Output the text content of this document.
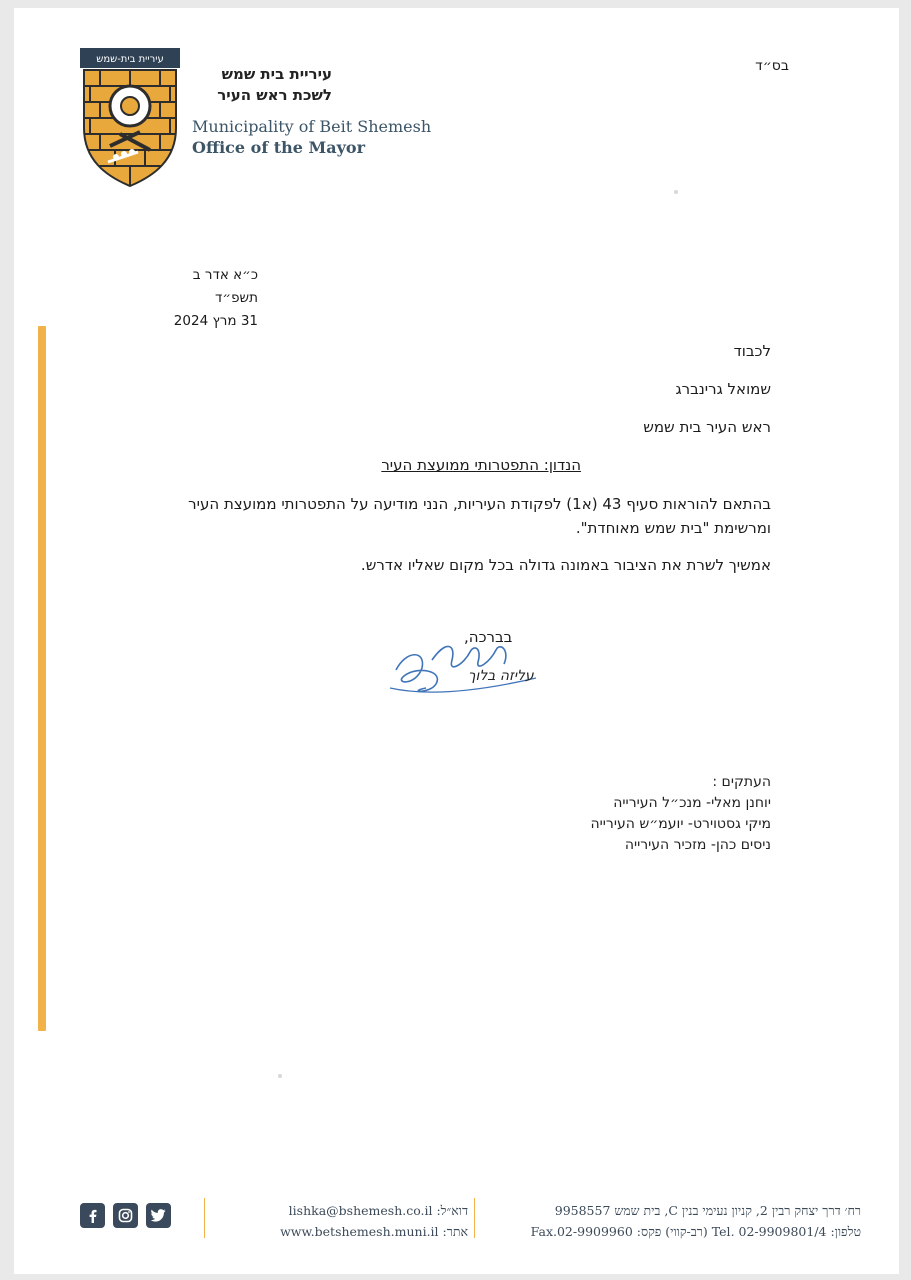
בס״ד
עיריית בית-שמש
עיריית בית שמש
לשכת ראש העיר
Municipality of Beit Shemesh
Office of the Mayor
כ״א אדר ב תשפ״ד
31 מרץ 2024
לכבוד
שמואל גרינברג
ראש העיר בית שמש
הנדון: התפטרותי ממועצת העיר
בהתאם להוראות סעיף 43 (א1) לפקודת העיריות, הנני מודיעה על התפטרותי ממועצת העיר ומרשימת "בית שמש מאוחדת".
אמשיך לשרת את הציבור באמונה גדולה בכל מקום שאליו אדרש.
בברכה,
עליזה בלוך
העתקים :
יוחנן מאלי- מנכ״ל העירייה
מיקי גסטוירט- יועמ״ש העירייה
ניסים כהן- מזכיר העירייה
דוא״ל: lishka@bshemesh.co.il
אתר: www.betshemesh.muni.il
רח׳ דרך יצחק רבין 2, קניון נעימי בנין C, בית שמש 9958557
טלפון: 02-9909801/4 .Tel (רב-קווי) פקס: 02-9909960.Fax
